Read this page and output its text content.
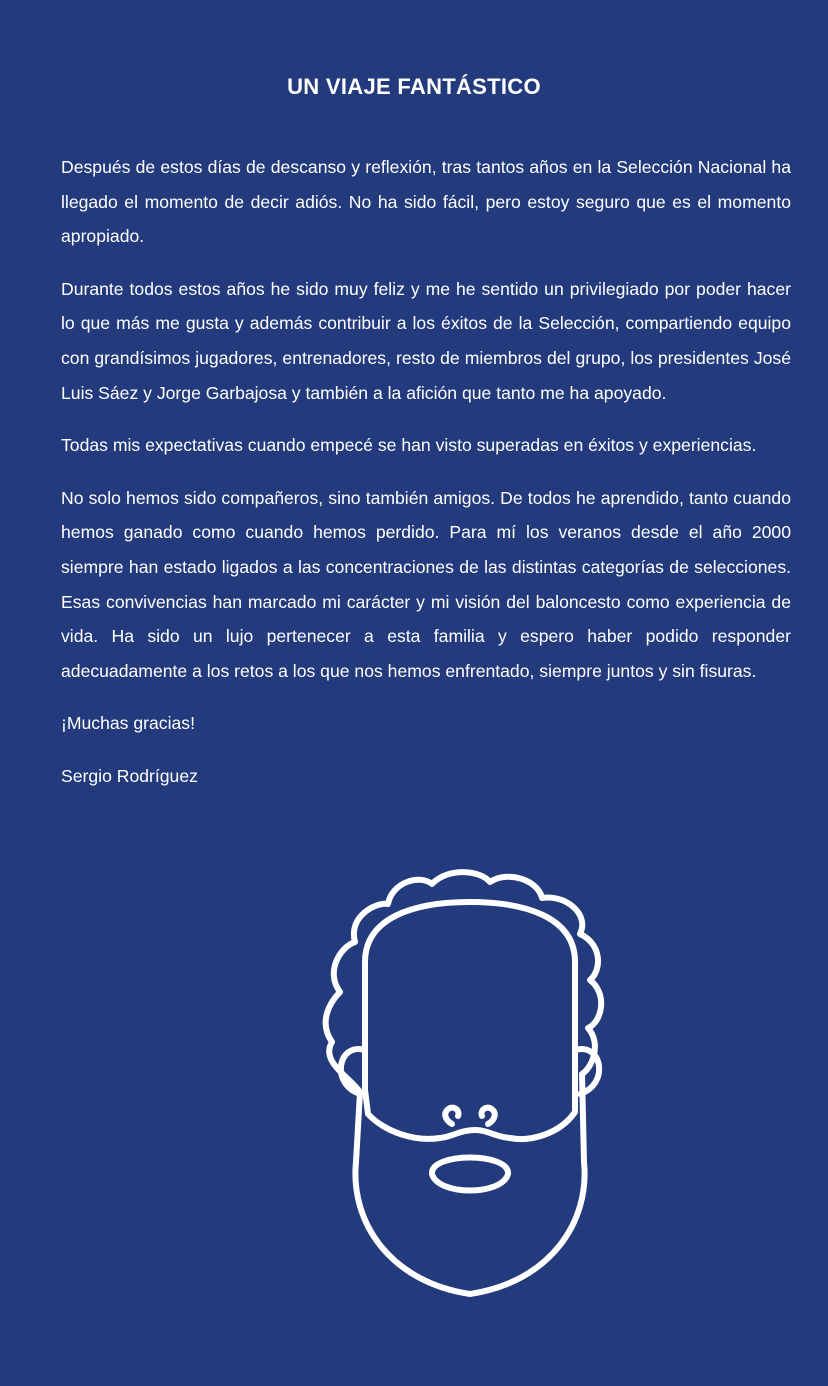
UN VIAJE FANTÁSTICO

Después de estos días de descanso y reflexión, tras tantos años en la Selección Nacional ha llegado el momento de decir adiós. No ha sido fácil, pero estoy seguro que es el momento apropiado.

Durante todos estos años he sido muy feliz y me he sentido un privilegiado por poder hacer lo que más me gusta y además contribuir a los éxitos de la Selección, compartiendo equipo con grandísimos jugadores, entrenadores, resto de miembros del grupo, los presidentes José Luis Sáez y Jorge Garbajosa y también a la afición que tanto me ha apoyado.

Todas mis expectativas cuando empecé se han visto superadas en éxitos y experiencias.

No solo hemos sido compañeros, sino también amigos. De todos he aprendido, tanto cuando hemos ganado como cuando hemos perdido. Para mí los veranos desde el año 2000 siempre han estado ligados a las concentraciones de las distintas categorías de selecciones. Esas convivencias han marcado mi carácter y mi visión del baloncesto como experiencia de vida. Ha sido un lujo pertenecer a esta familia y espero haber podido responder adecuadamente a los retos a los que nos hemos enfrentado, siempre juntos y sin fisuras.

¡Muchas gracias!

Sergio Rodríguez
